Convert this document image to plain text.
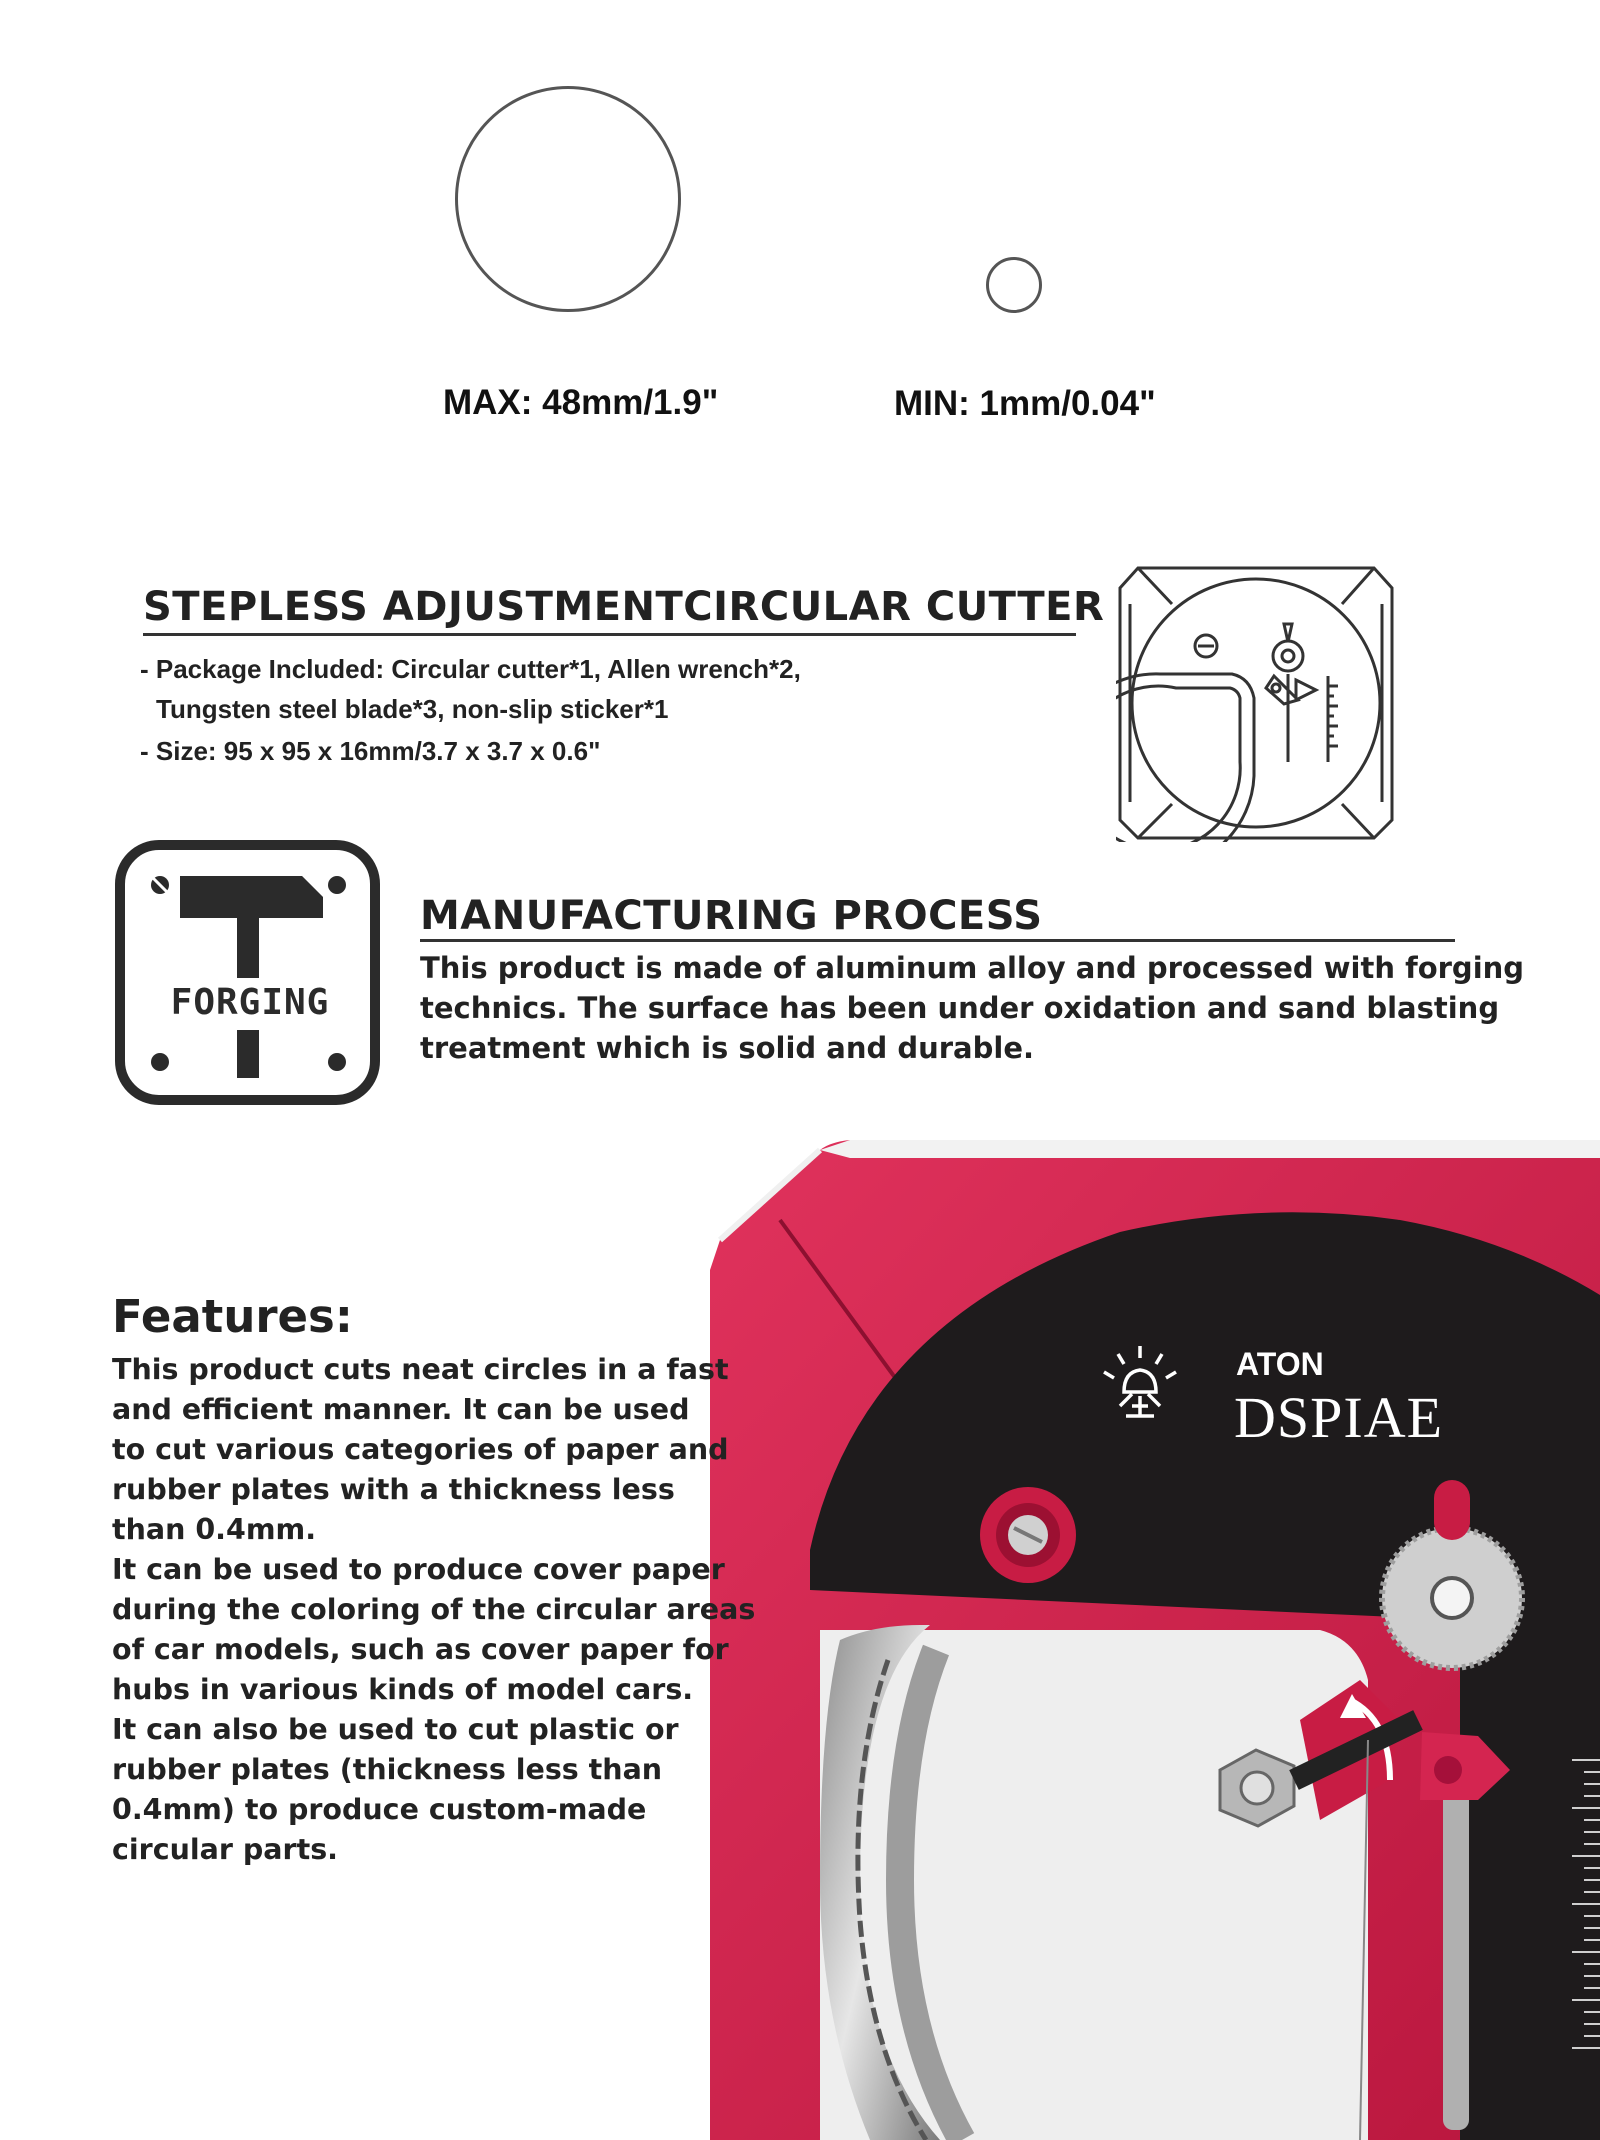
MAX: 48mm/1.9"	MIN: 1mm/0.04"
STEPLESS ADJUSTMENTCIRCULAR CUTTER
- Package Included: Circular cutter*1, Allen wrench*2,
Tungsten steel blade*3, non-slip sticker*1
- Size: 95 x 95 x 16mm/3.7 x 3.7 x 0.6"
FORGING
MANUFACTURING PROCESS
This product is made of aluminum alloy and processed with forging
technics. The surface has been under oxidation and sand blasting
treatment which is solid and durable.
ATON
DSPIAE
Features:
This product cuts neat circles in a fast
and efficient manner. It can be used
to cut various categories of paper and
rubber plates with a thickness less
than 0.4mm.
It can be used to produce cover paper
during the coloring of the circular areas
of car models, such as cover paper for
hubs in various kinds of model cars.
It can also be used to cut plastic or
rubber plates (thickness less than
0.4mm) to produce custom-made
circular parts.
